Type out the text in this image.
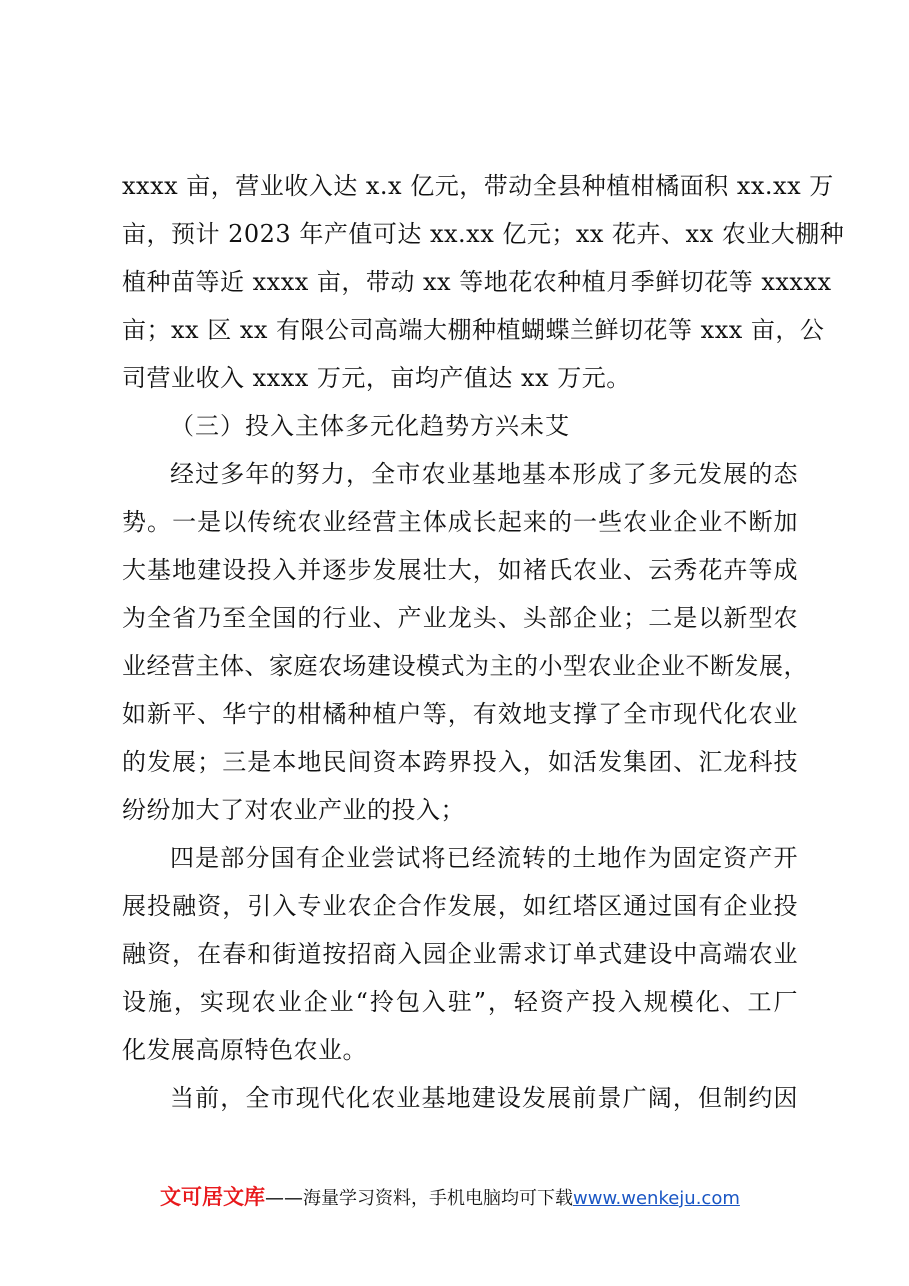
xxxx 亩，营业收入达 x.x 亿元，带动全县种植柑橘面积 xx.xx 万
亩，预计 2023 年产值可达 xx.xx 亿元；xx 花卉、xx 农业大棚种
植种苗等近 xxxx 亩，带动 xx 等地花农种植月季鲜切花等 xxxxx
亩；xx 区 xx 有限公司高端大棚种植蝴蝶兰鲜切花等 xxx 亩，公
司营业收入 xxxx 万元，亩均产值达 xx 万元。
（三）投入主体多元化趋势方兴未艾
经过多年的努力，全市农业基地基本形成了多元发展的态
势。一是以传统农业经营主体成长起来的一些农业企业不断加
大基地建设投入并逐步发展壮大，如褚氏农业、云秀花卉等成
为全省乃至全国的行业、产业龙头、头部企业；二是以新型农
业经营主体、家庭农场建设模式为主的小型农业企业不断发展，
如新平、华宁的柑橘种植户等，有效地支撑了全市现代化农业
的发展；三是本地民间资本跨界投入，如活发集团、汇龙科技
纷纷加大了对农业产业的投入；
四是部分国有企业尝试将已经流转的土地作为固定资产开
展投融资，引入专业农企合作发展，如红塔区通过国有企业投
融资，在春和街道按招商入园企业需求订单式建设中高端农业
设施，实现农业企业“拎包入驻”，轻资产投入规模化、工厂
化发展高原特色农业。
当前，全市现代化农业基地建设发展前景广阔，但制约因
文可居文库——海量学习资料，手机电脑均可下载www.wenkeju.com
